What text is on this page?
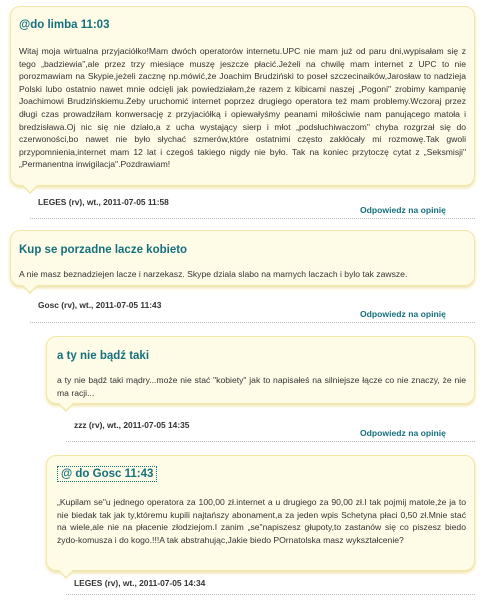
@do limba 11:03
Witaj moja wirtualna przyjaciółko!Mam dwóch operatorów internetu.UPC nie mam już od paru dni,wypisałam się z tego „badziewia",ale przez trzy miesiące muszę jeszcze płacić.Jeżeli na chwilę mam internet z UPC to nie porozmawiam na Skypie,jeżeli zacznę np.mówić,że Joachim Brudziński to poseł szczecinaików,Jarosław to nadzieja Polski lubo ostatnio nawet mnie odcięli jak powiedziałam,że razem z kibicami naszej „Pogoni" zrobimy kampanię Joachimowi Brudzińskiemu.Żeby uruchomić internet poprzez drugiego operatora też mam problemy.Wczoraj przez długi czas prowadziłam konwersację z przyjaciółką i opiewałyśmy peanami miłościwie nam panującego matoła i bredzisława.Oj nic się nie działo,a z ucha wystający sierp i młot „podsłuchiwaczom" chyba rozgrzał się do czerwoności,bo nawet nie było słychać szmerów,które ostatnimi często zakłócały mi rozmowę.Tak gwoli przypomnienia,internet mam 12 lat i czegoś takiego nigdy nie było. Tak na koniec przytoczę cytat z „Seksmisji" „Permanentna inwigilacja".Pozdrawiam!
LEGES (rv), wt., 2011-07-05 11:58
Odpowiedz na opinię
Kup se porzadne lacze kobieto
A nie masz beznadziejen lacze i narzekasz. Skype dziala slabo na marnych laczach i bylo tak zawsze.
Gosc (rv), wt., 2011-07-05 11:43
Odpowiedz na opinię
a ty nie bądź taki
a ty nie bądź taki mądry...może nie stać "kobiety" jak to napisałeś na silniejsze łącze co nie znaczy, że nie ma racji...
zzz (rv), wt., 2011-07-05 14:35
Odpowiedz na opinię
@ do Gosc 11:43
„Kupilam se"u jednego operatora za 100,00 zł.internet a u drugiego za 90,00 zł.I tak pojmij matole,że ja to nie biedak tak jak ty,któremu kupili najtańszy abonament,a za jeden wpis Schetyna płaci 0,50 zł.Mnie stać na wiele,ale nie na płacenie złodziejom.I zanim „se"napiszesz głupoty,to zastanów się co piszesz biedo żydo-komusza i do kogo.!!!A tak abstrahując,Jakie biedo POrnatolska masz wykształcenie?
LEGES (rv), wt., 2011-07-05 14:34
